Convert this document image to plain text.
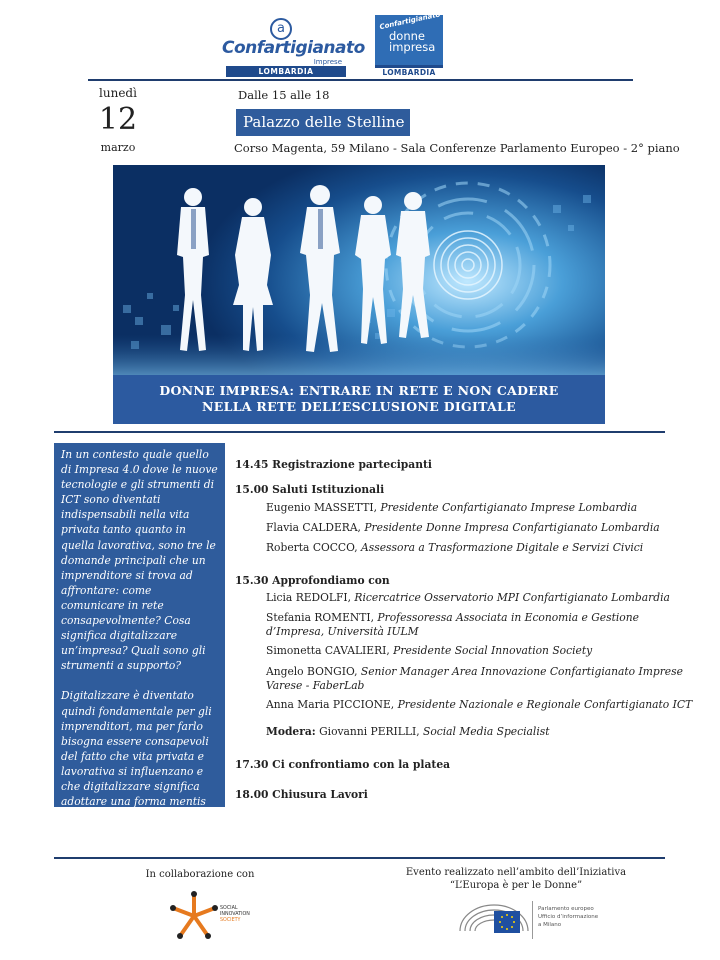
a
Confartigianato
Imprese
LOMBARDIA
Confartigianato
donne
impresa
LOMBARDIA
lunedì
12
marzo
Dalle 15 alle 18
Palazzo delle Stelline
Corso Magenta, 59 Milano - Sala Conferenze Parlamento Europeo - 2° piano
DONNE IMPRESA: ENTRARE IN RETE E NON CADERE
NELLA RETE DELL’ESCLUSIONE DIGITALE

In un contesto quale quello di Impresa 4.0 dove le nuove tecnologie e gli strumenti di ICT sono diventati indispensabili nella vita privata tanto quanto in quella lavorativa, sono tre le domande principali che un imprenditore si trova ad affrontare: come comunicare in rete consapevolmente? Cosa significa digitalizzare un’impresa? Quali sono gli strumenti a supporto?

Digitalizzare è diventato quindi fondamentale per gli imprenditori, ma per farlo bisogna essere consapevoli del fatto che vita privata e lavorativa si influenzano e che digitalizzare significa adottare una forma mentis tale da rivoluzionare l’intero sistema aziendale.

14.45 Registrazione partecipanti
15.00 Saluti Istituzionali
Eugenio MASSETTI, Presidente Confartigianato Imprese Lombardia
Flavia CALDERA, Presidente Donne Impresa Confartigianato Lombardia
Roberta COCCO, Assessora a Trasformazione Digitale e Servizi Civici
15.30 Approfondiamo con
Licia REDOLFI, Ricercatrice Osservatorio MPI Confartigianato Lombardia
Stefania ROMENTI, Professoressa Associata in Economia e Gestione
d’Impresa, Università IULM
Simonetta CAVALIERI, Presidente Social Innovation Society
Angelo BONGIO, Senior Manager Area Innovazione Confartigianato Imprese
Varese - FaberLab
Anna Maria PICCIONE, Presidente Nazionale e Regionale Confartigianato ICT
Modera: Giovanni PERILLI, Social Media Specialist
17.30 Ci confrontiamo con la platea
18.00 Chiusura Lavori
In collaborazione con
SOCIAL
INNOVATION
SOCIETY
Evento realizzato nell’ambito dell’Iniziativa
“L’Europa è per le Donne”
Parlamento europeo
Ufficio d’informazione
a Milano
